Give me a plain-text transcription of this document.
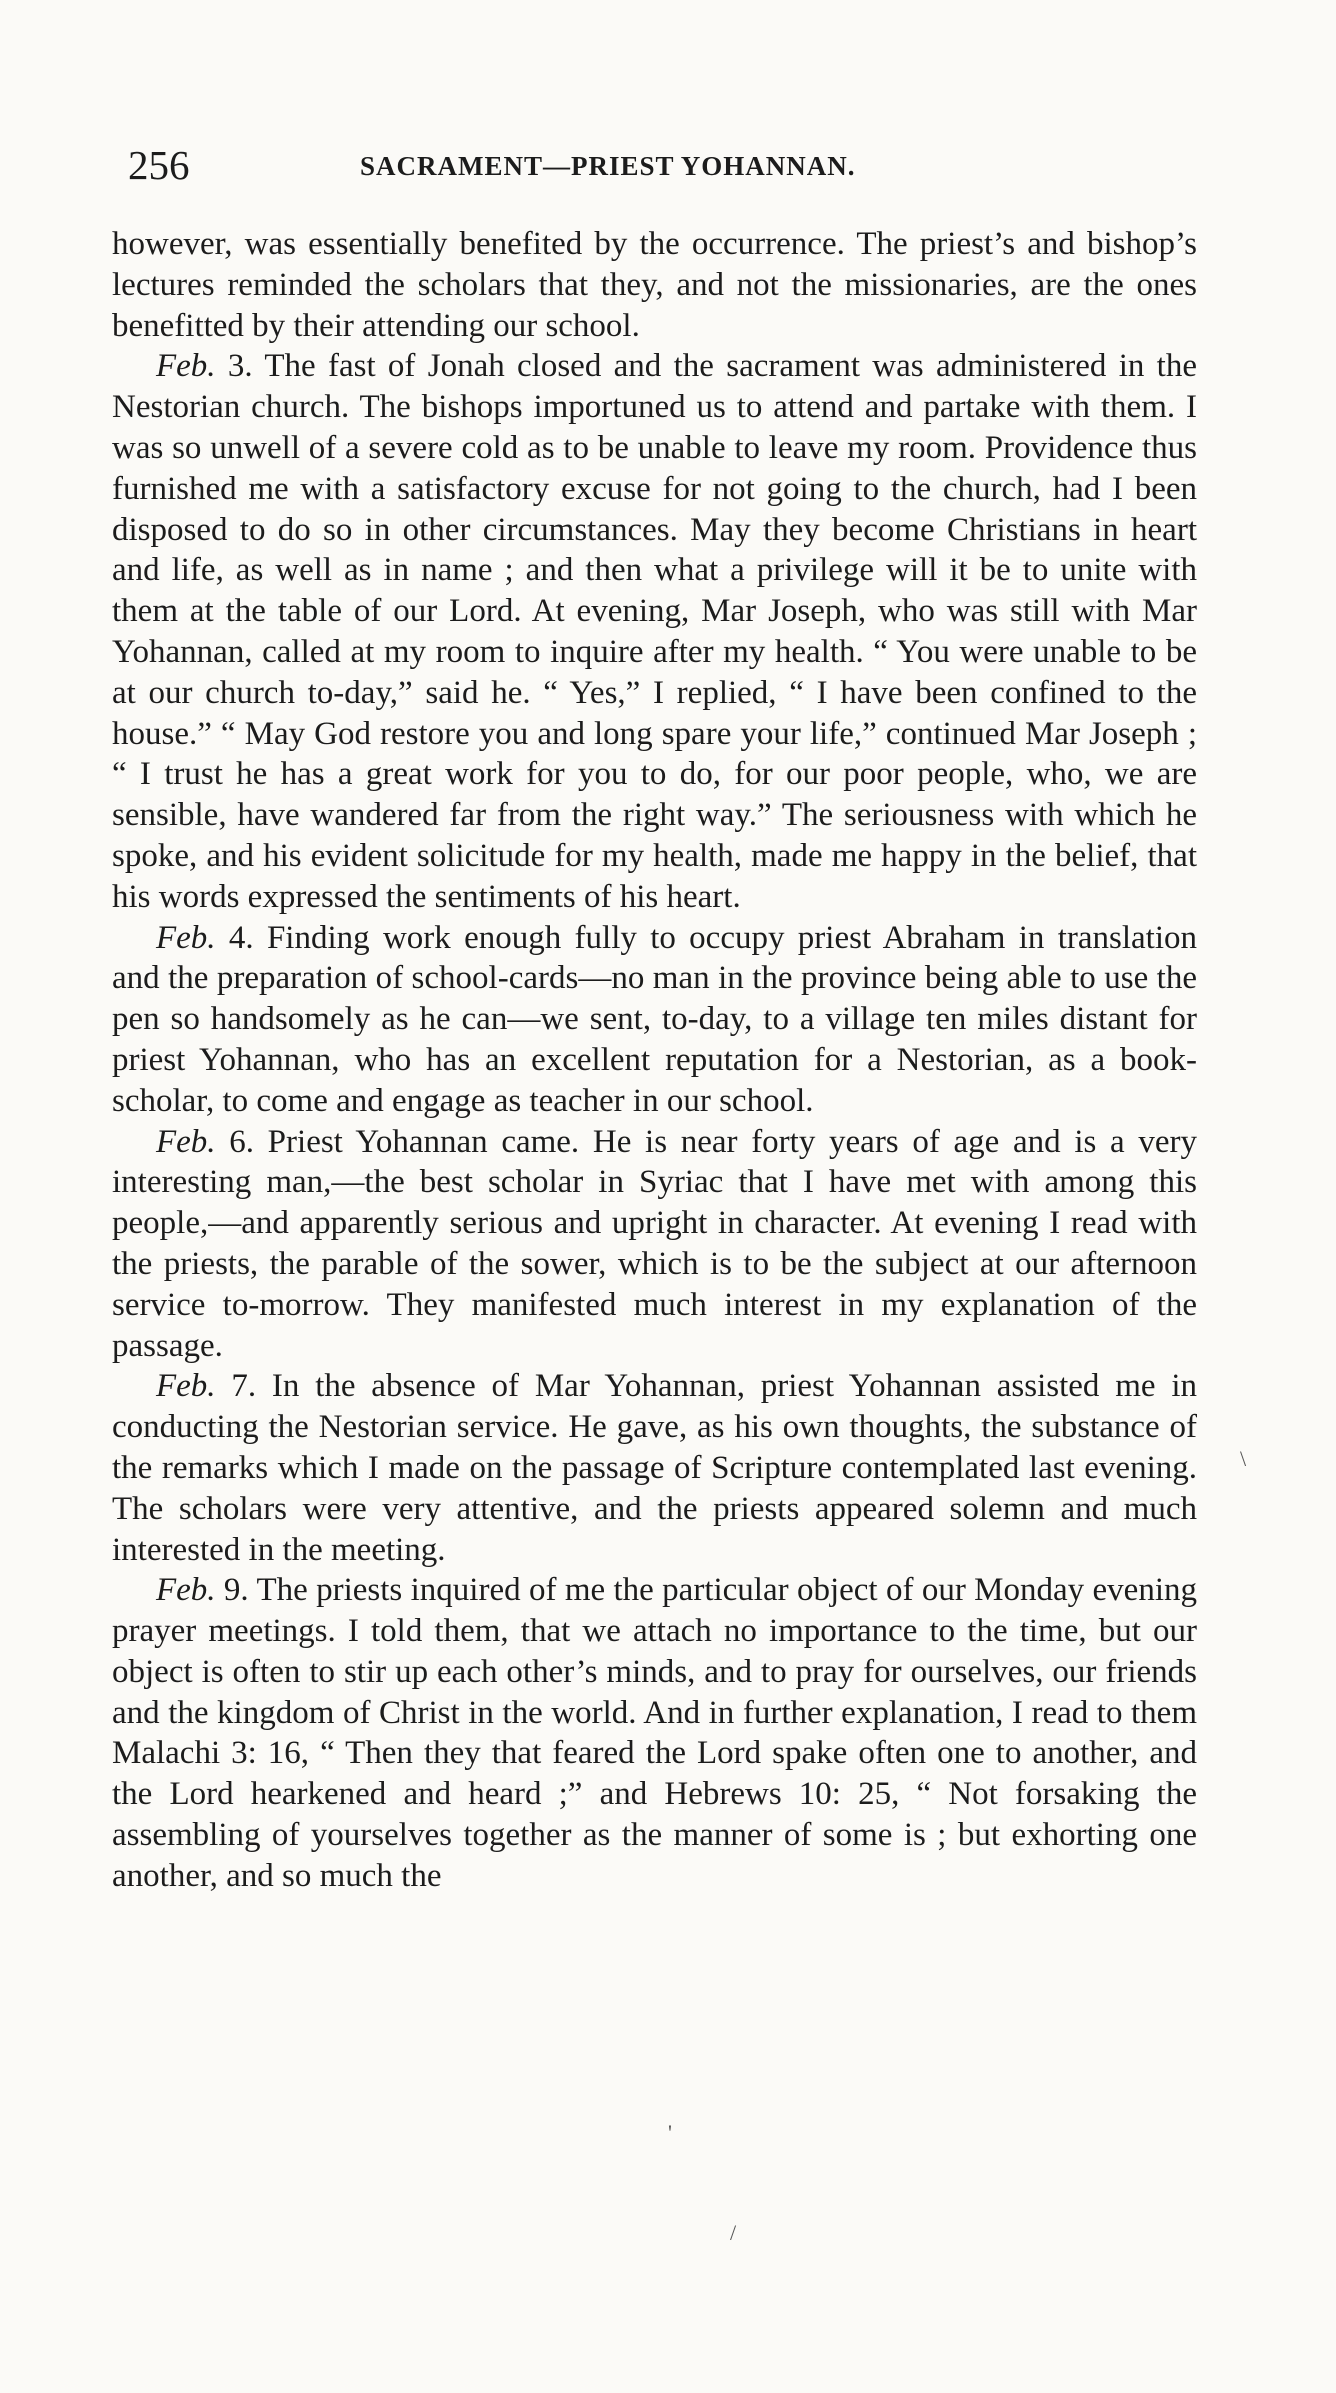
256	SACRAMENT—PRIEST YOHANNAN.

however, was essentially benefited by the occurrence. The priest’s and bishop’s lectures reminded the scholars that they, and not the missionaries, are the ones benefitted by their attending our school.

Feb. 3. The fast of Jonah closed and the sacrament was administered in the Nestorian church. The bishops importuned us to attend and partake with them. I was so unwell of a severe cold as to be unable to leave my room. Providence thus furnished me with a satisfactory excuse for not going to the church, had I been disposed to do so in other circumstances. May they become Christians in heart and life, as well as in name ; and then what a privilege will it be to unite with them at the table of our Lord. At evening, Mar Joseph, who was still with Mar Yohannan, called at my room to inquire after my health. “ You were unable to be at our church to-day,” said he. “ Yes,” I replied, “ I have been confined to the house.” “ May God restore you and long spare your life,” continued Mar Joseph ; “ I trust he has a great work for you to do, for our poor people, who, we are sensible, have wandered far from the right way.” The seriousness with which he spoke, and his evident solicitude for my health, made me happy in the belief, that his words expressed the sentiments of his heart.

Feb. 4. Finding work enough fully to occupy priest Abraham in translation and the preparation of school-cards—no man in the province being able to use the pen so handsomely as he can—we sent, to-day, to a village ten miles distant for priest Yohannan, who has an excellent reputation for a Nestorian, as a book-scholar, to come and engage as teacher in our school.

Feb. 6. Priest Yohannan came. He is near forty years of age and is a very interesting man,—the best scholar in Syriac that I have met with among this people,—and apparently serious and upright in character. At evening I read with the priests, the parable of the sower, which is to be the subject at our afternoon service to-morrow. They manifested much interest in my explanation of the passage.

Feb. 7. In the absence of Mar Yohannan, priest Yohannan assisted me in conducting the Nestorian service. He gave, as his own thoughts, the substance of the remarks which I made on the passage of Scripture contemplated last evening. The scholars were very attentive, and the priests appeared solemn and much interested in the meeting.

Feb. 9. The priests inquired of me the particular object of our Monday evening prayer meetings. I told them, that we attach no importance to the time, but our object is often to stir up each other’s minds, and to pray for ourselves, our friends and the kingdom of Christ in the world. And in further explanation, I read to them Malachi 3: 16, “ Then they that feared the Lord spake often one to another, and the Lord hearkened and heard ;” and Hebrews 10: 25, “ Not forsaking the assembling of yourselves together as the manner of some is ; but exhorting one another, and so much the

\
'
/
